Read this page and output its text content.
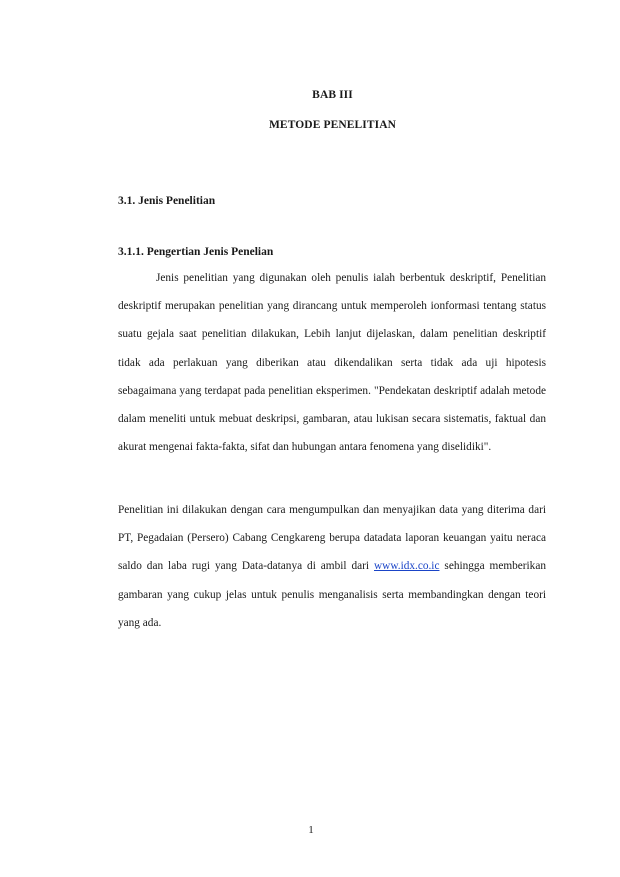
BAB III
METODE PENELITIAN
3.1. Jenis Penelitian
3.1.1. Pengertian Jenis Penelian

Jenis penelitian yang digunakan oleh penulis ialah berbentuk deskriptif, Penelitian deskriptif merupakan penelitian yang dirancang untuk memperoleh ionformasi tentang status suatu gejala saat penelitian dilakukan, Lebih lanjut dijelaskan, dalam penelitian deskriptif tidak ada perlakuan yang diberikan atau dikendalikan serta tidak ada uji hipotesis sebagaimana yang terdapat pada penelitian eksperimen. "Pendekatan deskriptif adalah metode dalam meneliti untuk mebuat deskripsi, gambaran, atau lukisan secara sistematis, faktual dan akurat mengenai fakta-fakta, sifat dan hubungan antara fenomena yang diselidiki".

Penelitian ini dilakukan dengan cara mengumpulkan dan menyajikan data yang diterima dari PT, Pegadaian (Persero) Cabang Cengkareng berupa datadata laporan keuangan yaitu neraca saldo dan laba rugi yang Data-datanya di ambil dari www.idx.co.ic sehingga memberikan gambaran yang cukup jelas untuk penulis menganalisis serta membandingkan dengan teori yang ada.

1
